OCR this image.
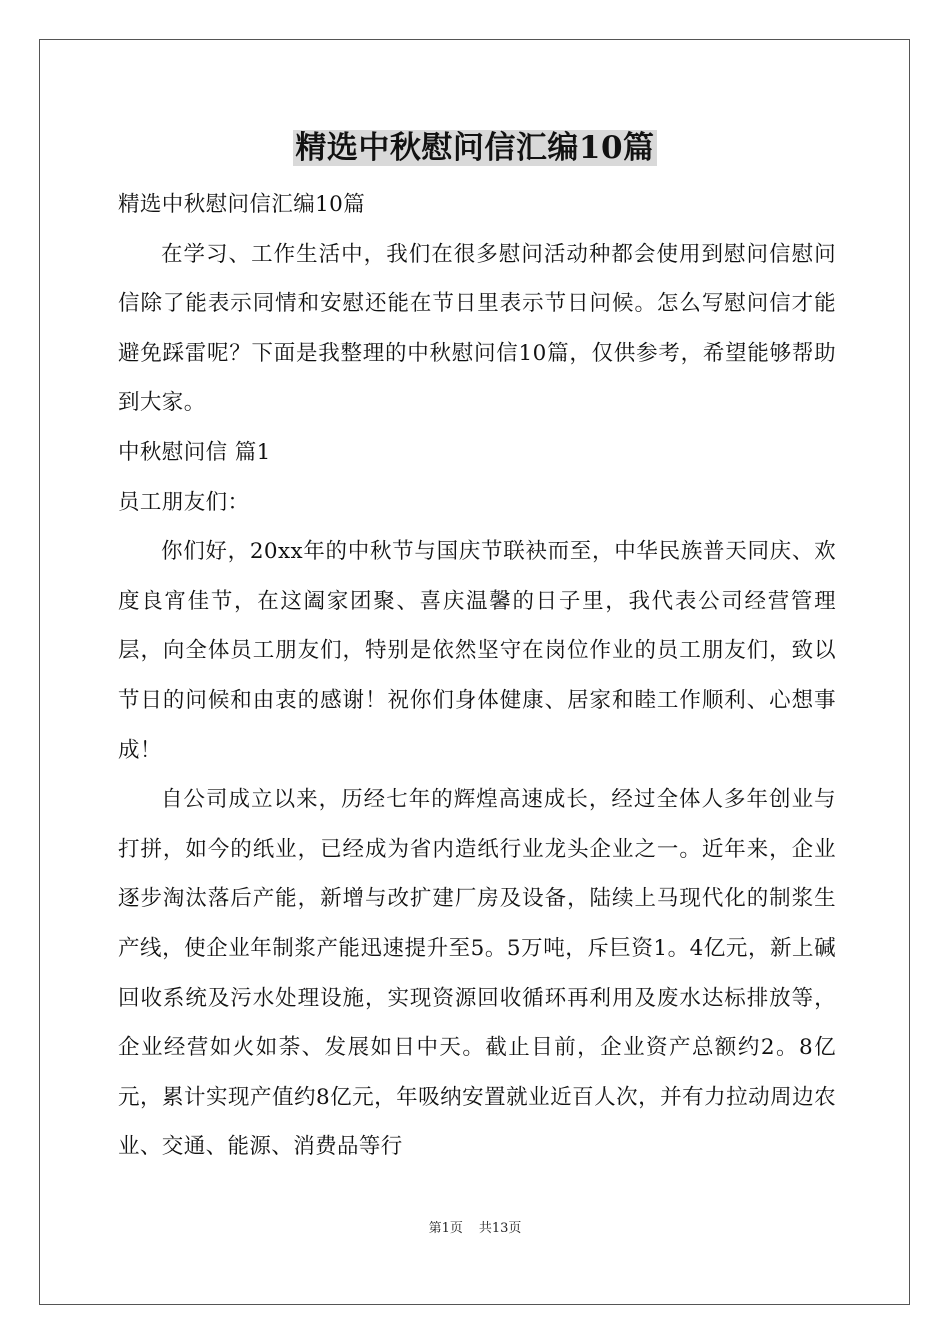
精选中秋慰问信汇编10篇

精选中秋慰问信汇编10篇

在学习、工作生活中，我们在很多慰问活动种都会使用到慰问信慰问信除了能表示同情和安慰还能在节日里表示节日问候。怎么写慰问信才能避免踩雷呢？下面是我整理的中秋慰问信10篇，仅供参考，希望能够帮助到大家。

中秋慰问信 篇1

员工朋友们：

你们好，20xx年的中秋节与国庆节联袂而至，中华民族普天同庆、欢度良宵佳节，在这阖家团聚、喜庆温馨的日子里，我代表公司经营管理层，向全体员工朋友们，特别是依然坚守在岗位作业的员工朋友们，致以节日的问候和由衷的感谢！祝你们身体健康、居家和睦工作顺利、心想事成！

自公司成立以来，历经七年的辉煌高速成长，经过全体人多年创业与打拼，如今的纸业，已经成为省内造纸行业龙头企业之一。近年来，企业逐步淘汰落后产能，新增与改扩建厂房及设备，陆续上马现代化的制浆生产线，使企业年制浆产能迅速提升至5。5万吨，斥巨资1。4亿元，新上碱回收系统及污水处理设施，实现资源回收循环再利用及废水达标排放等，企业经营如火如荼、发展如日中天。截止目前，企业资产总额约2。8亿元，累计实现产值约8亿元，年吸纳安置就业近百人次，并有力拉动周边农业、交通、能源、消费品等行

第1页 共13页
